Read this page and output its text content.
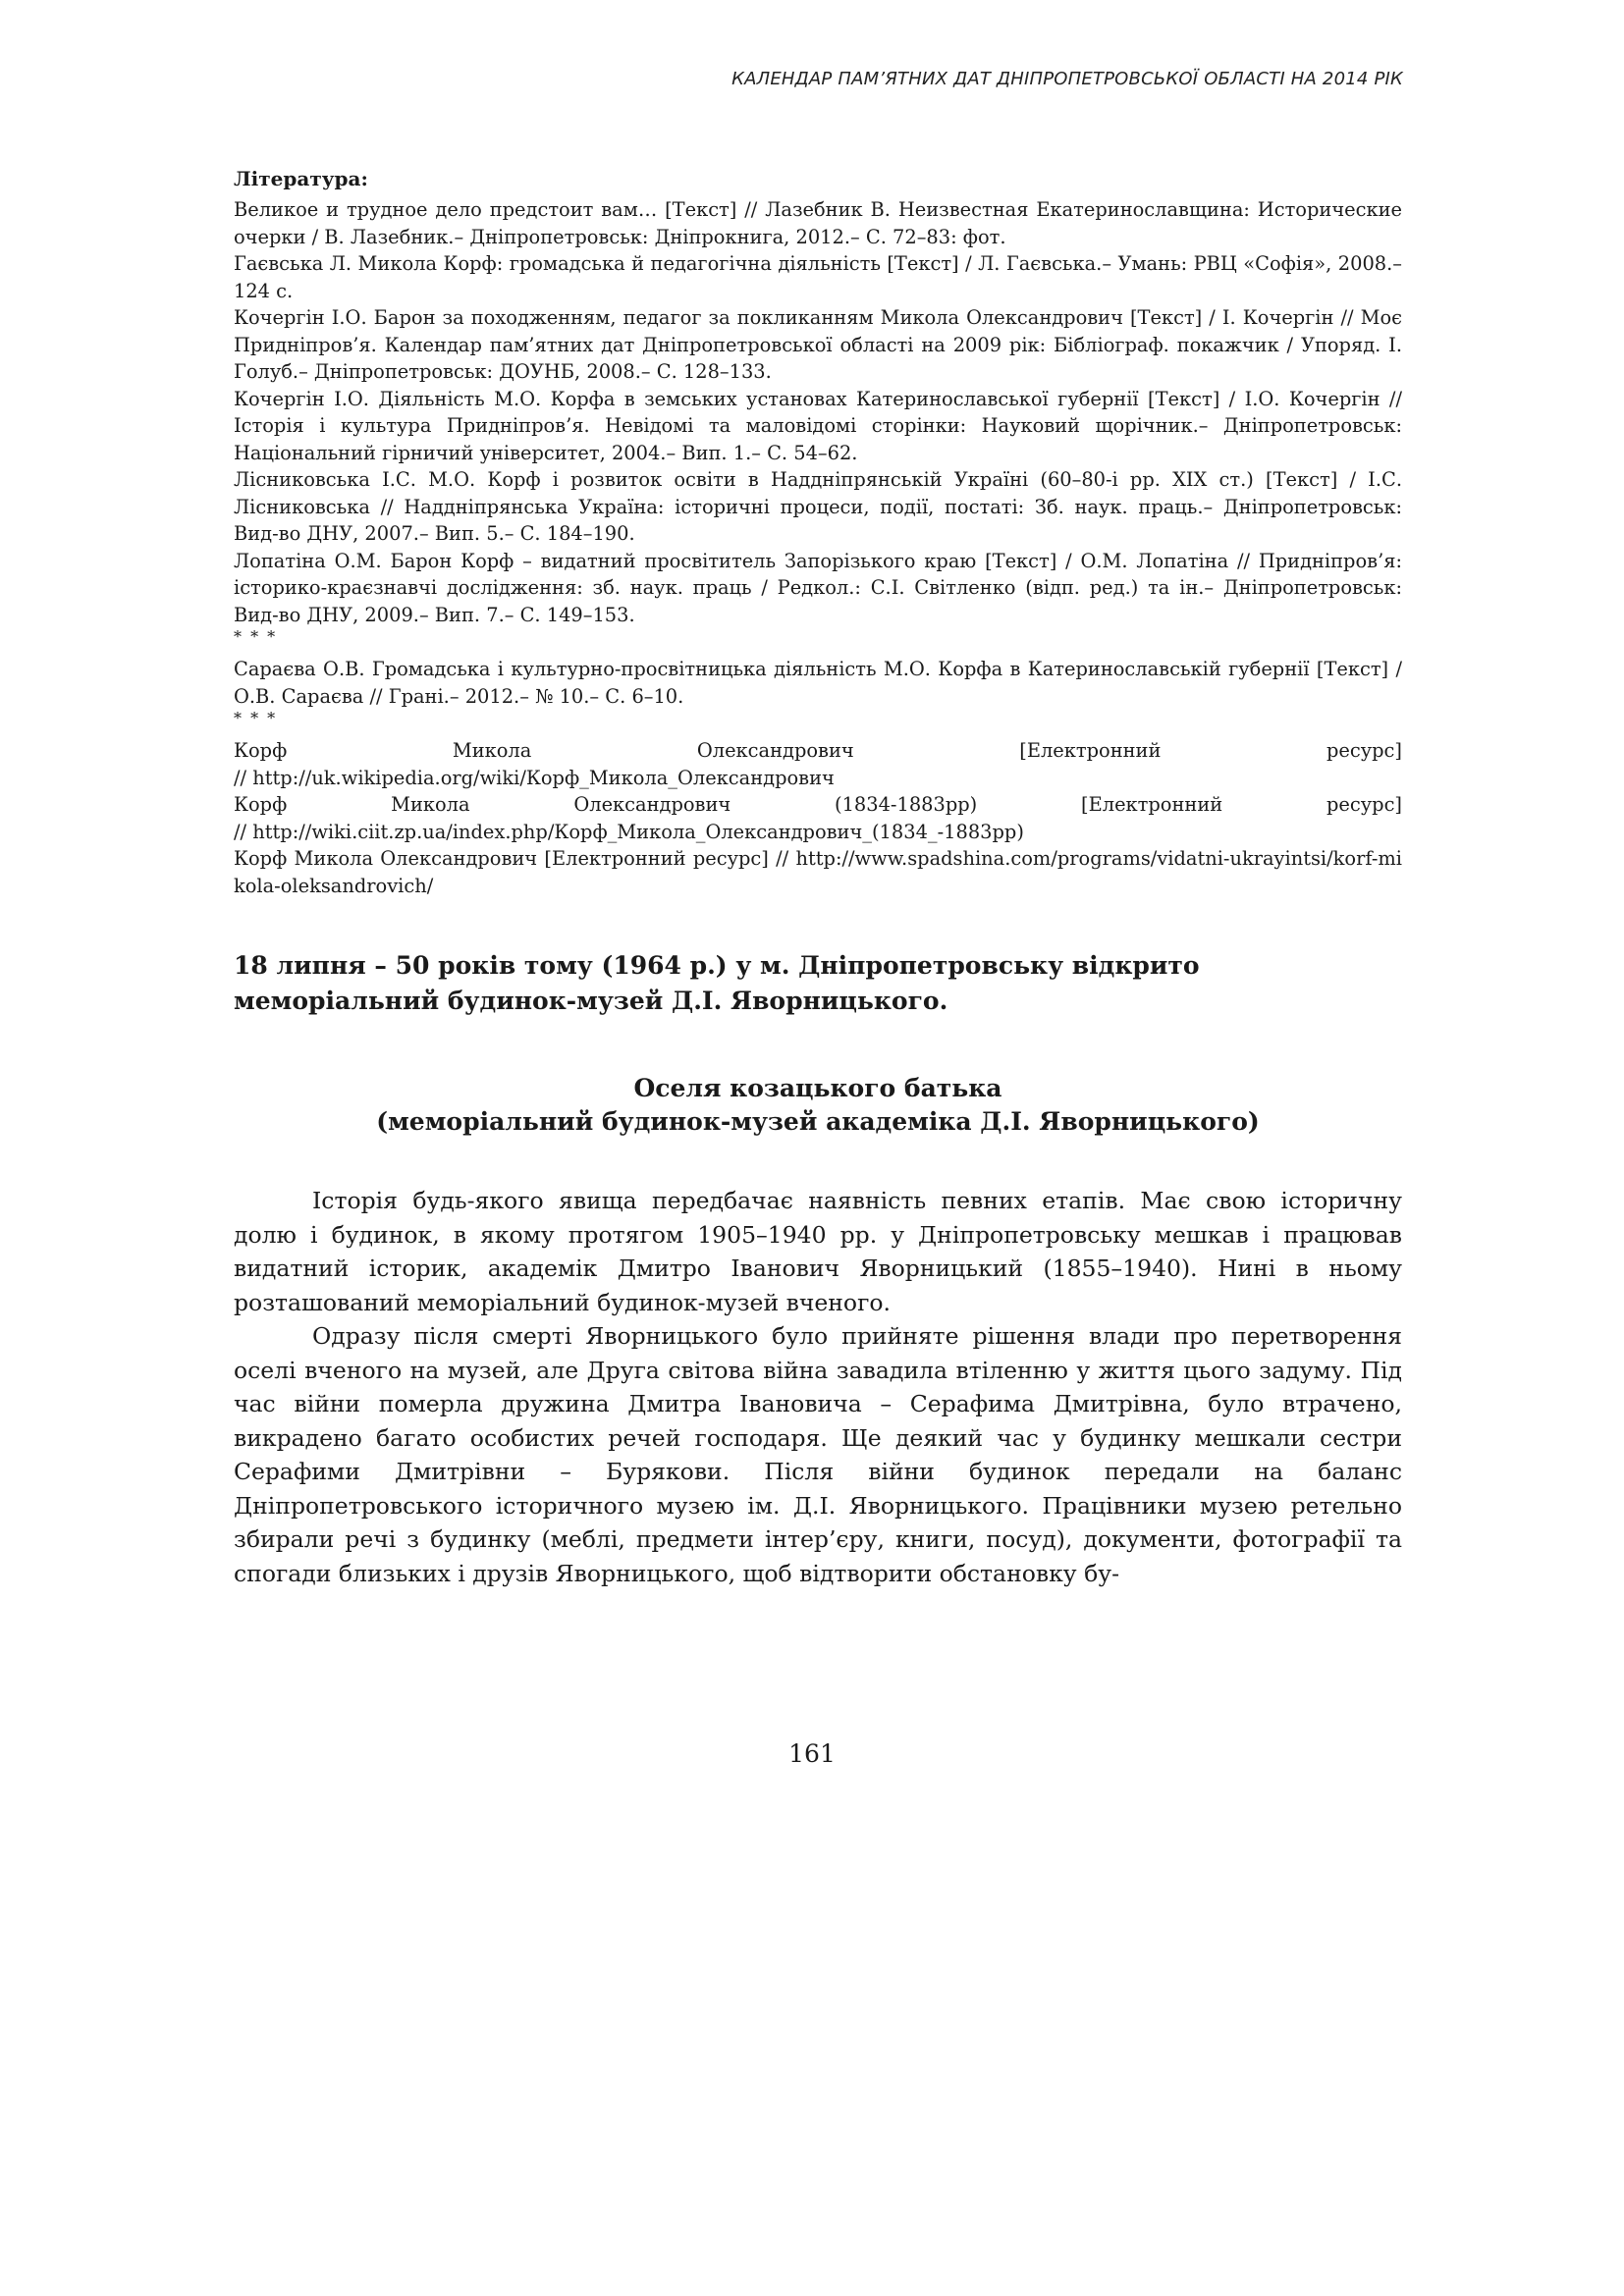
КАЛЕНДАР ПАМ’ЯТНИХ ДАТ ДНІПРОПЕТРОВСЬКОЇ ОБЛАСТІ НА 2014 РІК
Література:

Великое и трудное дело предстоит вам… [Текст] // Лазебник В. Неизвестная Екатеринославщина: Исторические очерки / В. Лазебник.– Дніпропетровськ: Дніпрокнига, 2012.– С. 72–83: фот.

Гаєвська Л. Микола Корф: громадська й педагогічна діяльність [Текст] / Л. Гаєвська.– Умань: РВЦ «Софія», 2008.– 124 с.

Кочергін І.О. Барон за походженням, педагог за покликанням Микола Олександрович [Текст] / І. Кочергін // Моє Придніпров’я. Календар пам’ятних дат Дніпропетровської області на 2009 рік: Бібліограф. покажчик / Упоряд. І. Голуб.– Дніпропетровськ: ДОУНБ, 2008.– С. 128–133.

Кочергін І.О. Діяльність М.О. Корфа в земських установах Катеринославської губернії [Текст] / І.О. Кочергін // Історія і культура Придніпров’я. Невідомі та маловідомі сторінки: Науковий щорічник.– Дніпропетровськ: Національний гірничий університет, 2004.– Вип. 1.– С. 54–62.

Лісниковська І.С. М.О. Корф і розвиток освіти в Наддніпрянській Україні (60–80-і рр. ХІХ ст.) [Текст] / І.С. Лісниковська // Наддніпрянська Україна: історичні процеси, події, постаті: Зб. наук. праць.– Дніпропетровськ: Вид-во ДНУ, 2007.– Вип. 5.– С. 184–190.

Лопатіна О.М. Барон Корф – видатний просвітитель Запорізького краю [Текст] / О.М. Лопатіна // Придніпров’я: історико-краєзнавчі дослідження: зб. наук. праць / Редкол.: С.І. Світленко (відп. ред.) та ін.– Дніпропетровськ: Вид-во ДНУ, 2009.– Вип. 7.– С. 149–153.

* * *

Сараєва О.В. Громадська і культурно-просвітницька діяльність М.О. Корфа в Катеринославській губернії [Текст] / О.В. Сараєва // Грані.– 2012.– № 10.– С. 6–10.

* * *
Корф	Микола	Олександрович	[Електронний	ресурс]

// http://uk.wikipedia.org/wiki/Корф_Микола_Олександрович

Корф	Микола	Олександрович	(1834-1883рр)	[Електронний	ресурс]

// http://wiki.ciit.zp.ua/index.php/Корф_Микола_Олександрович_(1834_-1883рр)

Корф Микола Олександрович [Електронний ресурс] // http://www.spadshina.com/programs/vidatni-ukrayintsi/korf-mikola-oleksandrovich/

18 липня – 50 років тому (1964 р.) у м. Дніпропетровську відкрито меморіальний будинок-музей Д.І. Яворницького.
Оселя козацького батька
(меморіальний будинок-музей академіка Д.І. Яворницького)

Історія будь-якого явища передбачає наявність певних етапів. Має свою історичну долю і будинок, в якому протягом 1905–1940 рр. у Дніпропетровську мешкав і працював видатний історик, академік Дмитро Іванович Яворницький (1855–1940). Нині в ньому розташований меморіальний будинок-музей вченого.

Одразу після смерті Яворницького було прийняте рішення влади про перетворення оселі вченого на музей, але Друга світова війна завадила втіленню у життя цього задуму. Під час війни померла дружина Дмитра Івановича – Серафима Дмитрівна, було втрачено, викрадено багато особистих речей господаря. Ще деякий час у будинку мешкали сестри Серафими Дмитрівни – Бурякови. Після війни будинок передали на баланс Дніпропетровського історичного музею ім. Д.І. Яворницького. Працівники музею ретельно збирали речі з будинку (меблі, предмети інтер’єру, книги, посуд), документи, фотографії та спогади близьких і друзів Яворницького, щоб відтворити обстановку бу-

161
